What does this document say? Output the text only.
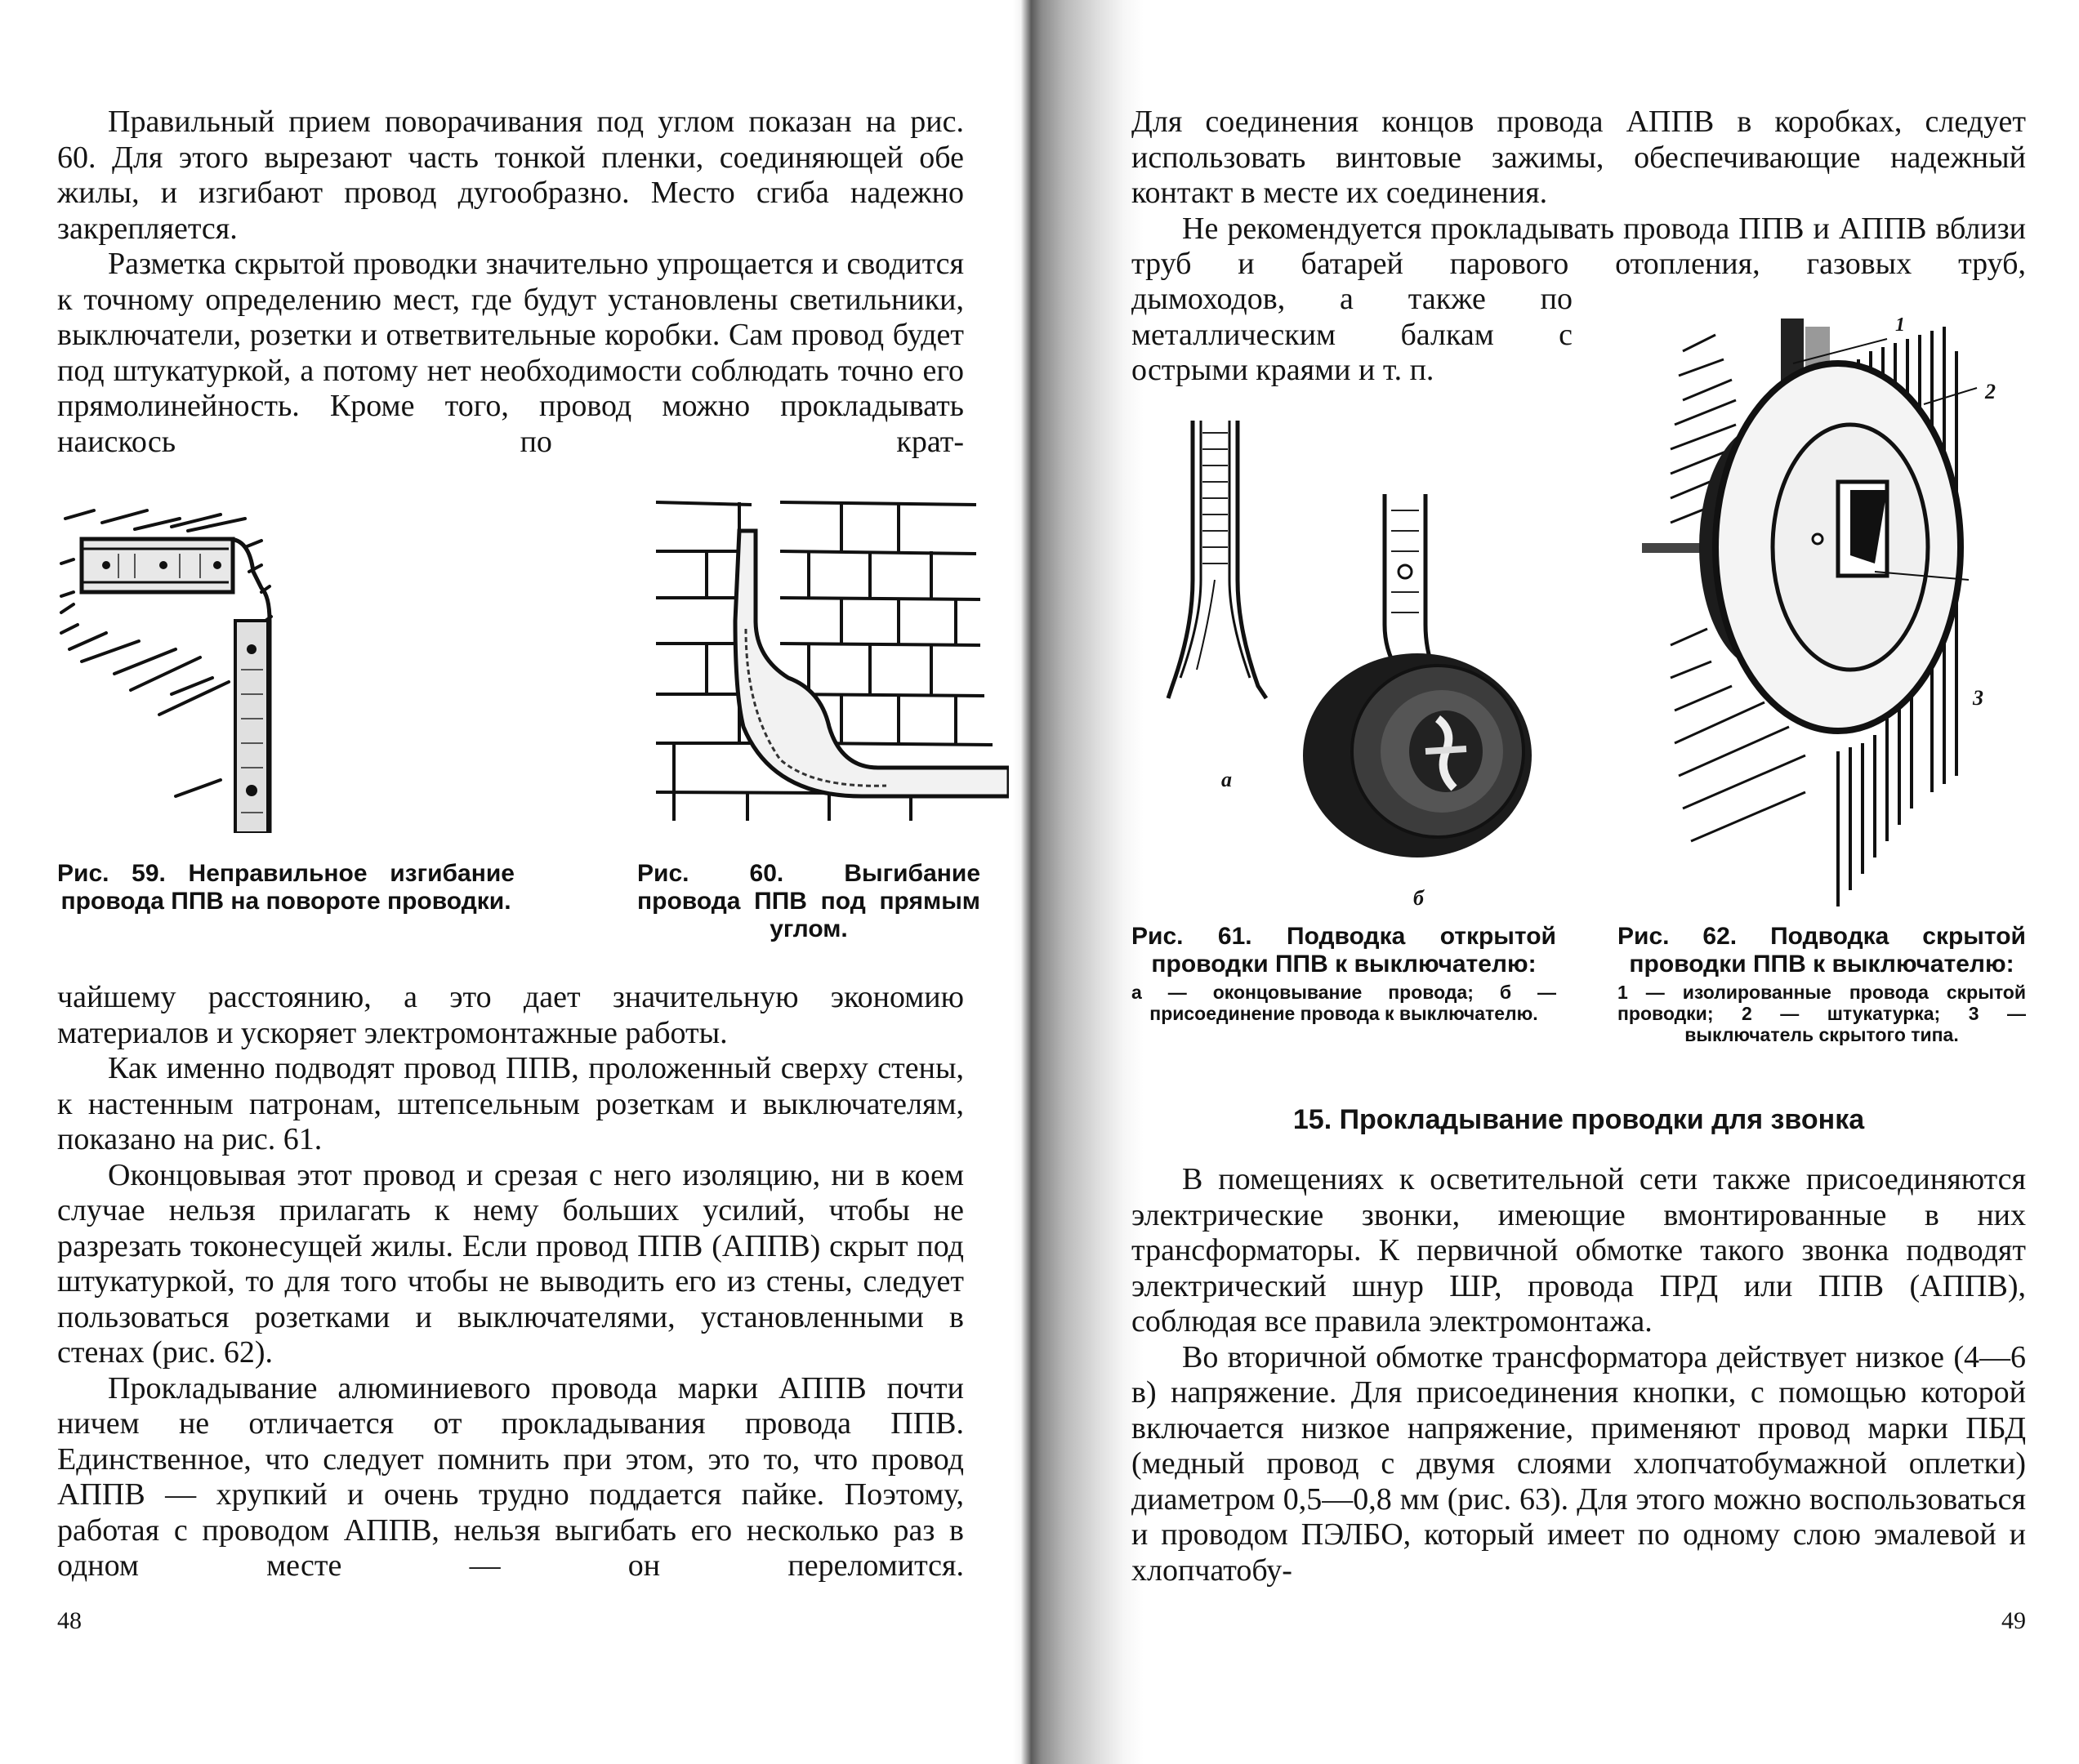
Правильный прием поворачивания под углом показан на рис. 60. Для этого вырезают часть тонкой пленки, соединяющей обе жилы, и изгибают провод дугообразно. Место сгиба надежно закрепляется.

Разметка скрытой проводки значительно упрощается и сводится к точному определению мест, где будут установлены светильники, выключатели, розетки и ответвительные коробки. Сам провод будет под штукатуркой, а потому нет необходимости соблюдать точно его прямолинейность. Кроме того, провод можно прокладывать наискось по крат-

Рис. 59. Неправильное изгибание провода ППВ на повороте проводки.
Рис. 60. Выгибание провода ППВ под прямым углом.

чайшему расстоянию, а это дает значительную экономию материалов и ускоряет электромонтажные работы.

Как именно подводят провод ППВ, проложенный сверху стены, к настенным патронам, штепсельным розеткам и выключателям, показано на рис. 61.

Оконцовывая этот провод и срезая с него изоляцию, ни в коем случае нельзя прилагать к нему больших усилий, чтобы не разрезать токонесущей жилы. Если провод ППВ (АППВ) скрыт под штукатуркой, то для того чтобы не выводить его из стены, следует пользоваться розетками и выключателями, установленными в стенах (рис. 62).

Прокладывание алюминиевого провода марки АППВ почти ничем не отличается от прокладывания провода ППВ. Единственное, что следует помнить при этом, это то, что провод АППВ — хрупкий и очень трудно поддается пайке. Поэтому, работая с проводом АППВ, нельзя выгибать его несколько раз в одном месте — он переломится.

48

Для соединения концов провода АППВ в коробках, следует использовать винтовые зажимы, обеспечивающие надежный контакт в месте их соединения.

Не рекомендуется прокладывать провода ППВ и АППВ вблизи труб и батарей парового отопления, газовых труб,

дымоходов, а также по металлическим балкам с острыми краями и т. п.

а
б
1
2
3
Рис. 61. Подводка открытой проводки ППВ к выключателю:
а — оконцовывание провода; б — присоединение провода к выключателю.
Рис. 62. Подводка скрытой проводки ППВ к выключателю:
1 — изолированные провода скрытой проводки; 2 — штукатурка; 3 — выключатель скрытого типа.
15. Прокладывание проводки для звонка

В помещениях к осветительной сети также присоединяются электрические звонки, имеющие вмонтированные в них трансформаторы. К первичной обмотке такого звонка подводят электрический шнур ШР, провода ПРД или ППВ (АППВ), соблюдая все правила электромонтажа.

Во вторичной обмотке трансформатора действует низкое (4—6 в) напряжение. Для присоединения кнопки, с помощью которой включается низкое напряжение, применяют провод марки ПБД (медный провод с двумя слоями хлопчатобумажной оплетки) диаметром 0,5—0,8 мм (рис. 63). Для этого можно воспользоваться и проводом ПЭЛБО, который имеет по одному слою эмалевой и хлопчатобу-

49
